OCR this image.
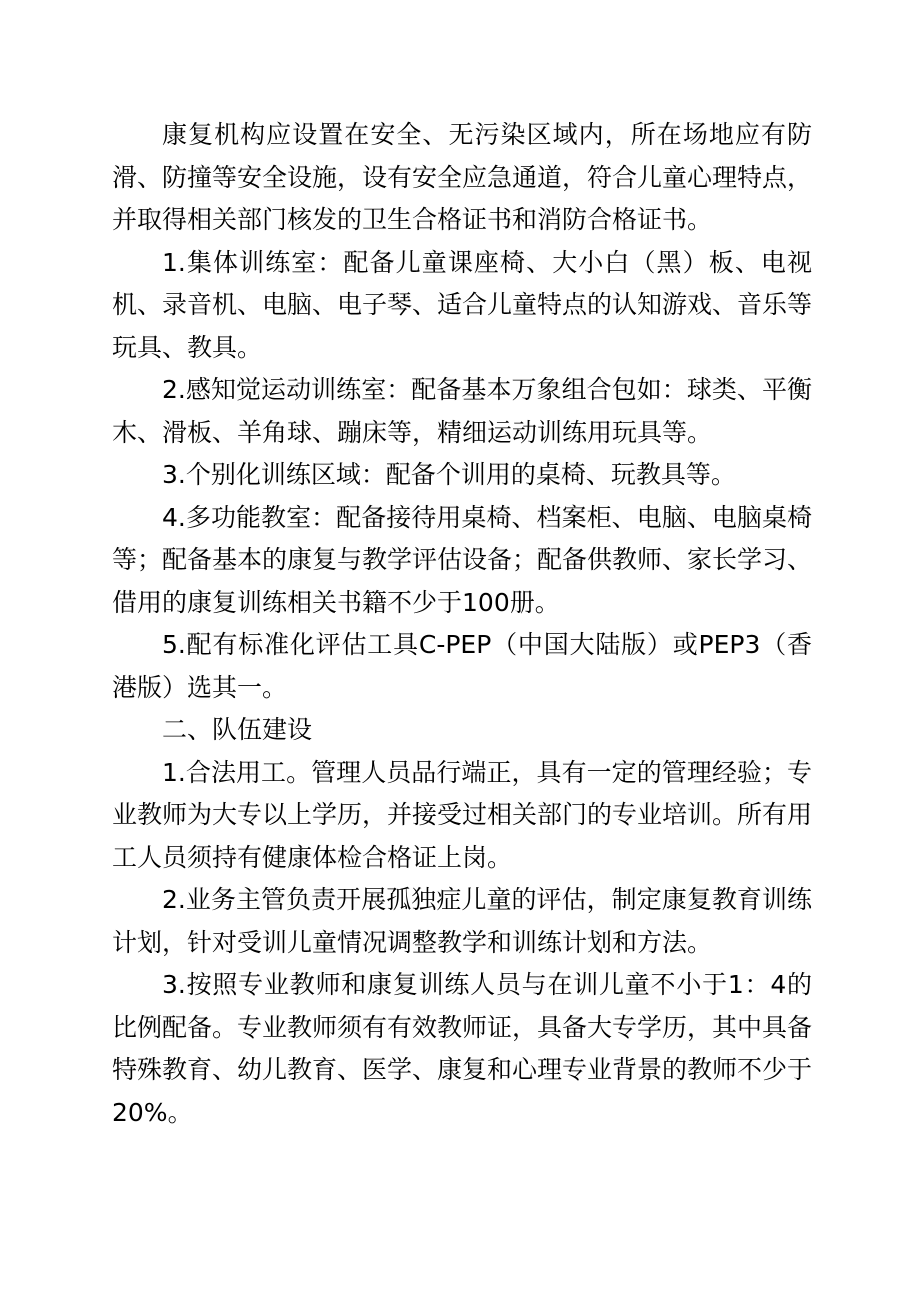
康复机构应设置在安全、无污染区域内，所在场地应有防滑、防撞等安全设施，设有安全应急通道，符合儿童心理特点，并取得相关部门核发的卫生合格证书和消防合格证书。

1.集体训练室：配备儿童课座椅、大小白（黑）板、电视机、录音机、电脑、电子琴、适合儿童特点的认知游戏、音乐等玩具、教具。

2.感知觉运动训练室：配备基本万象组合包如：球类、平衡木、滑板、羊角球、蹦床等，精细运动训练用玩具等。

3.个别化训练区域：配备个训用的桌椅、玩教具等。

4.多功能教室：配备接待用桌椅、档案柜、电脑、电脑桌椅等；配备基本的康复与教学评估设备；配备供教师、家长学习、借用的康复训练相关书籍不少于100册。

5.配有标准化评估工具C-PEP（中国大陆版）或PEP3（香港版）选其一。

二、队伍建设

1.合法用工。管理人员品行端正，具有一定的管理经验；专业教师为大专以上学历，并接受过相关部门的专业培训。所有用工人员须持有健康体检合格证上岗。

2.业务主管负责开展孤独症儿童的评估，制定康复教育训练计划，针对受训儿童情况调整教学和训练计划和方法。

3.按照专业教师和康复训练人员与在训儿童不小于1：4的比例配备。专业教师须有有效教师证，具备大专学历，其中具备特殊教育、幼儿教育、医学、康复和心理专业背景的教师不少于20%。
